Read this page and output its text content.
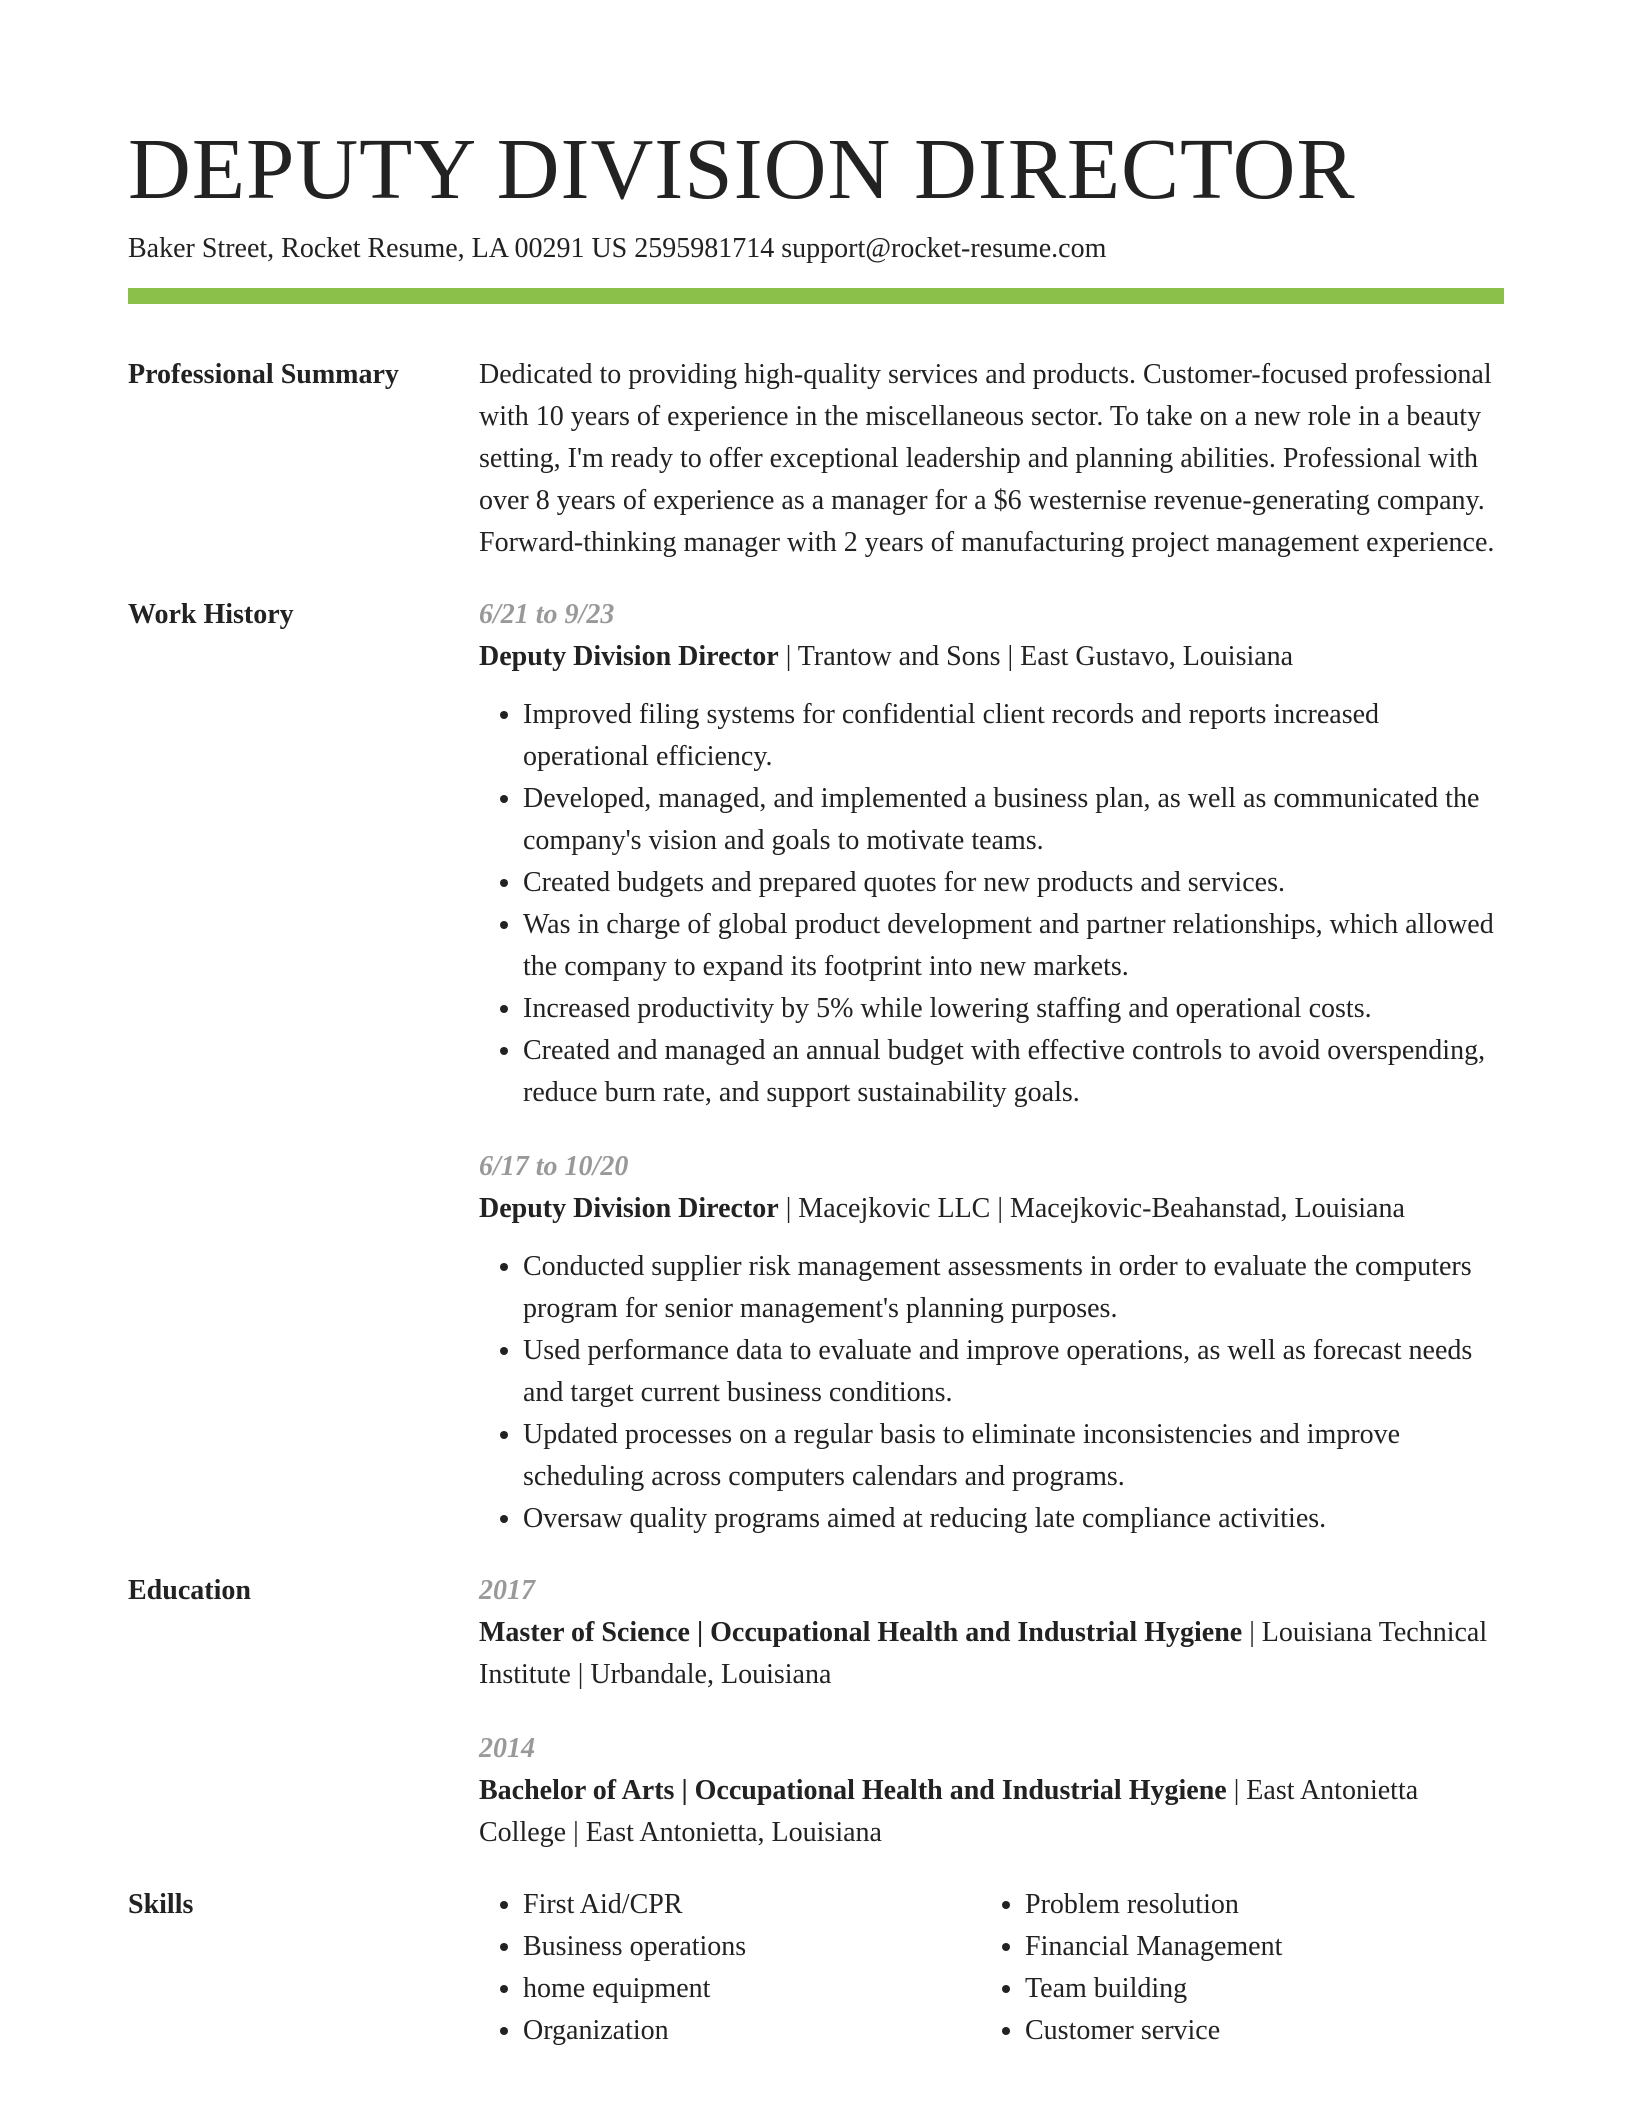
DEPUTY DIVISION DIRECTOR
Baker Street, Rocket Resume, LA 00291 US 2595981714 support@rocket-resume.com
Professional Summary	Dedicated to providing high-quality services and products. Customer-focused professional with 10 years of experience in the miscellaneous sector. To take on a new role in a beauty setting, I'm ready to offer exceptional leadership and planning abilities. Professional with over 8 years of experience as a manager for a $6 westernise revenue-generating company. Forward-thinking manager with 2 years of manufacturing project management experience.
Work History	6/21 to 9/23
Deputy Division Director | Trantow and Sons | East Gustavo, Louisiana
• Improved filing systems for confidential client records and reports increased operational efficiency.
• Developed, managed, and implemented a business plan, as well as communicated the company's vision and goals to motivate teams.
• Created budgets and prepared quotes for new products and services.
• Was in charge of global product development and partner relationships, which allowed the company to expand its footprint into new markets.
• Increased productivity by 5% while lowering staffing and operational costs.
• Created and managed an annual budget with effective controls to avoid overspending, reduce burn rate, and support sustainability goals.
6/17 to 10/20
Deputy Division Director | Macejkovic LLC | Macejkovic-Beahanstad, Louisiana
• Conducted supplier risk management assessments in order to evaluate the computers program for senior management's planning purposes.
• Used performance data to evaluate and improve operations, as well as forecast needs and target current business conditions.
• Updated processes on a regular basis to eliminate inconsistencies and improve scheduling across computers calendars and programs.
• Oversaw quality programs aimed at reducing late compliance activities.
Education	2017
Master of Science | Occupational Health and Industrial Hygiene | Louisiana Technical Institute | Urbandale, Louisiana
2014
Bachelor of Arts | Occupational Health and Industrial Hygiene | East Antonietta College | East Antonietta, Louisiana
Skills
•	First Aid/CPR
• Business operations
• home equipment
• Organization
• Problem resolution
• Financial Management
• Team building
• Customer service
